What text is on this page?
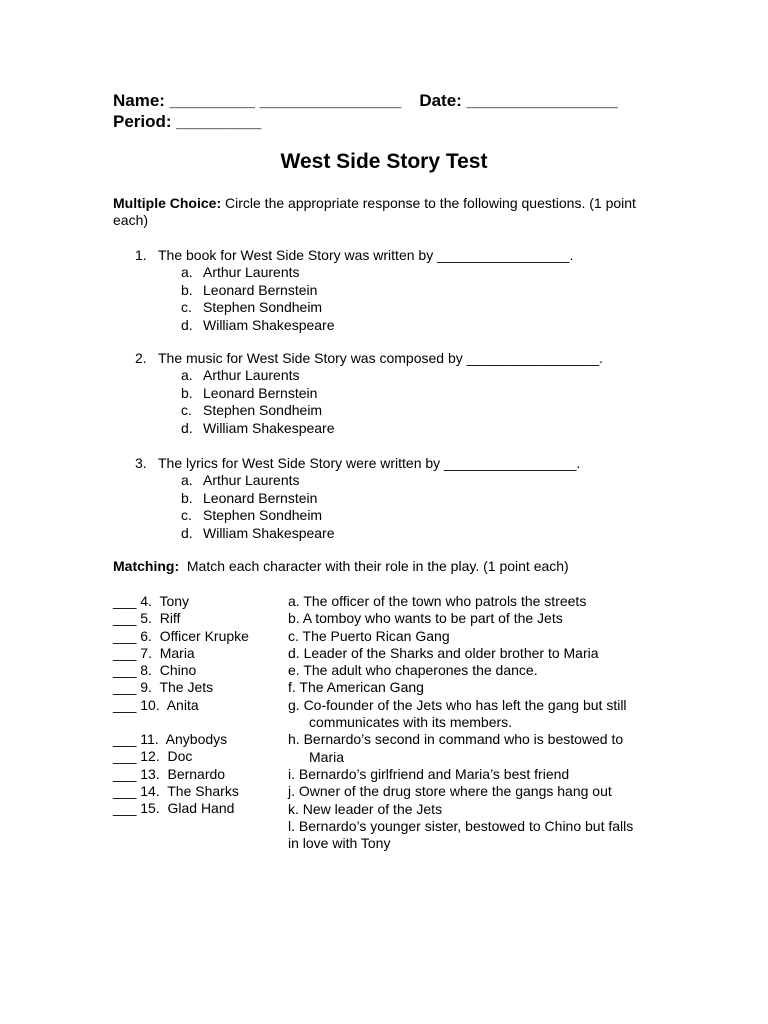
Name: _________ _______________ Date: ________________
Period: _________
West Side Story Test
Multiple Choice: Circle the appropriate response to the following questions. (1 point each)
1. The book for West Side Story was written by _________________.
a. Arthur Laurents
b. Leonard Bernstein
c. Stephen Sondheim
d. William Shakespeare
2. The music for West Side Story was composed by _________________.
a. Arthur Laurents
b. Leonard Bernstein
c. Stephen Sondheim
d. William Shakespeare
3. The lyrics for West Side Story were written by _________________.
a. Arthur Laurents
b. Leonard Bernstein
c. Stephen Sondheim
d. William Shakespeare
Matching:  Match each character with their role in the play. (1 point each)
___ 4.  Tony
___ 5.  Riff
___ 6.  Officer Krupke
___ 7.  Maria
___ 8.  Chino
___ 9.  The Jets
___ 10.  Anita
___ 11.  Anybodys
___ 12.  Doc
___ 13.  Bernardo
___ 14.  The Sharks
___ 15.  Glad Hand
a. The officer of the town who patrols the streets
b. A tomboy who wants to be part of the Jets
c. The Puerto Rican Gang
d. Leader of the Sharks and older brother to Maria
e. The adult who chaperones the dance.
f. The American Gang
g. Co-founder of the Jets who has left the gang but still
communicates with its members.
h. Bernardo’s second in command who is bestowed to
Maria
i. Bernardo’s girlfriend and Maria’s best friend
j. Owner of the drug store where the gangs hang out
k. New leader of the Jets
l. Bernardo’s younger sister, bestowed to Chino but falls in love with Tony
